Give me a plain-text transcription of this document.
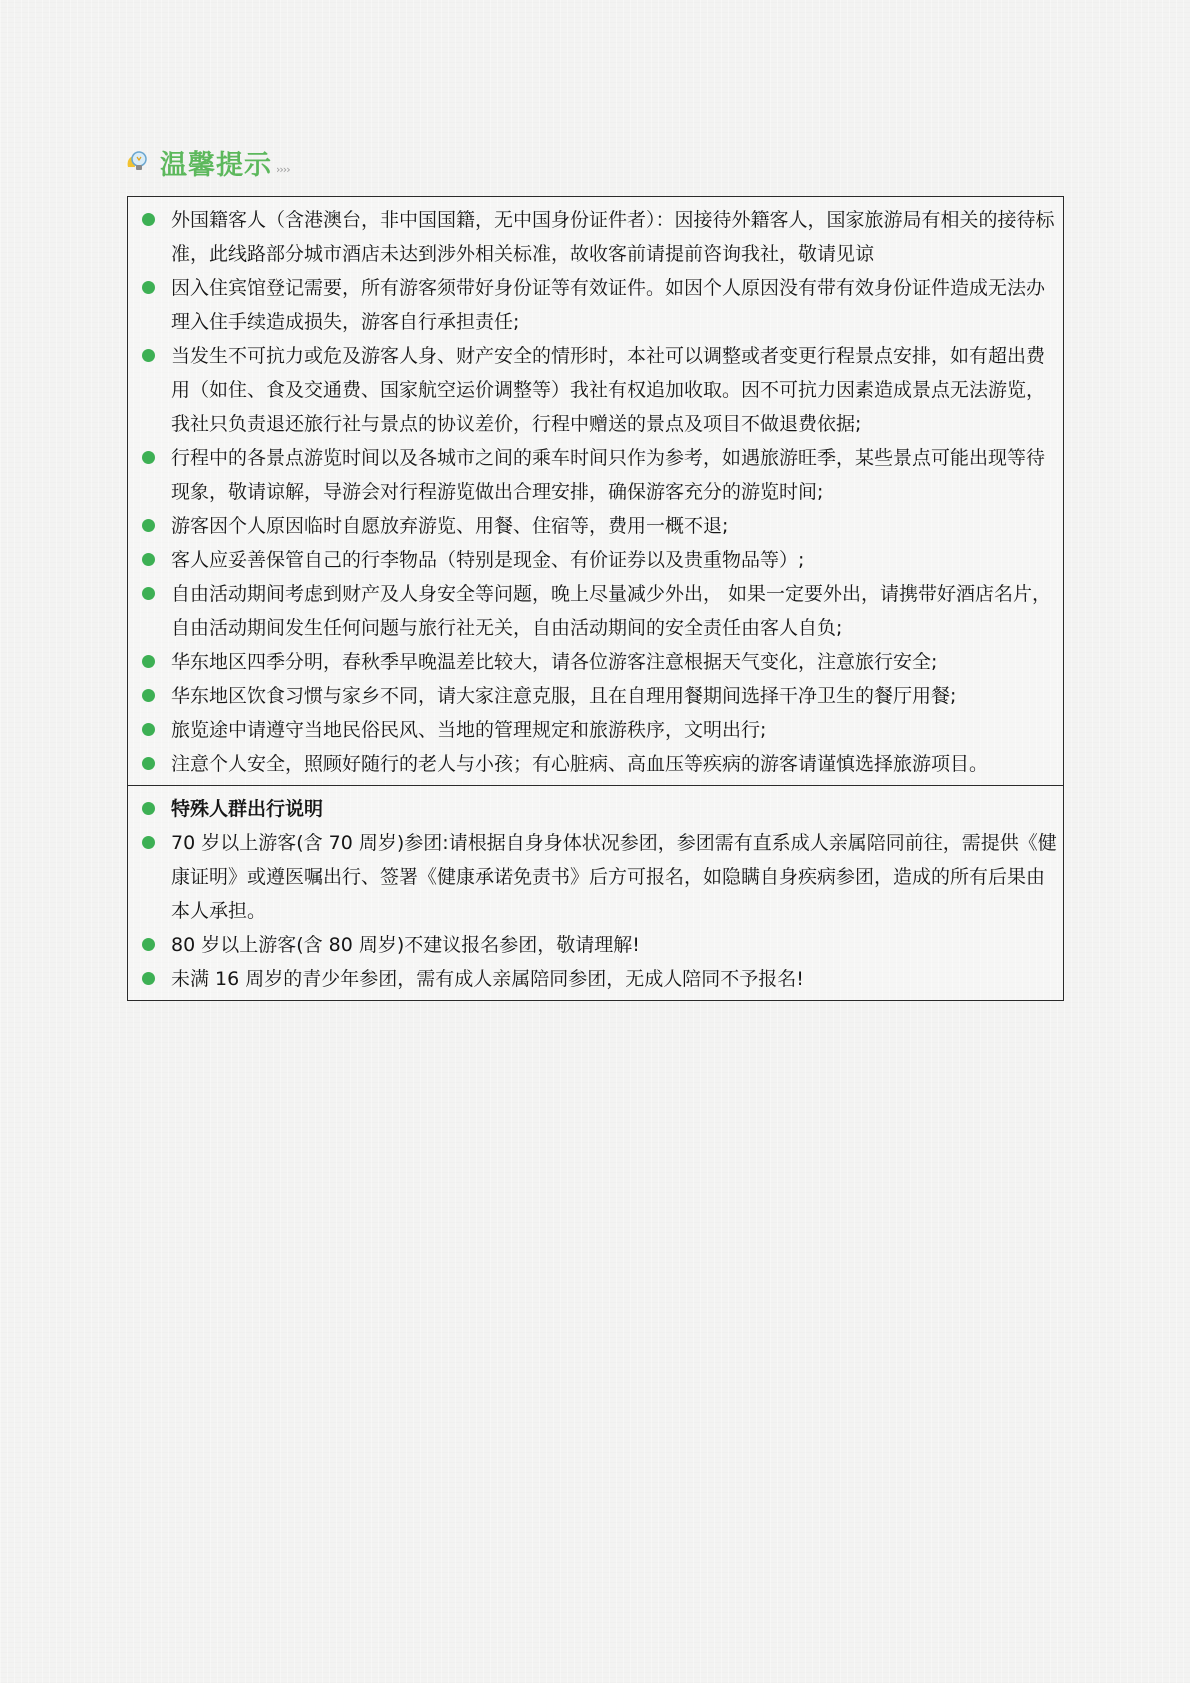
温馨提示 ››››
外国籍客人（含港澳台，非中国国籍，无中国身份证件者）：因接待外籍客人，国家旅游局有相关的接待标准，此线路部分城市酒店未达到涉外相关标准，故收客前请提前咨询我社，敬请见谅
因入住宾馆登记需要，所有游客须带好身份证等有效证件。如因个人原因没有带有效身份证件造成无法办理入住手续造成损失，游客自行承担责任;
当发生不可抗力或危及游客人身、财产安全的情形时，本社可以调整或者变更行程景点安排，如有超出费用（如住、食及交通费、国家航空运价调整等）我社有权追加收取。因不可抗力因素造成景点无法游览，我社只负责退还旅行社与景点的协议差价，行程中赠送的景点及项目不做退费依据;
行程中的各景点游览时间以及各城市之间的乘车时间只作为参考，如遇旅游旺季，某些景点可能出现等待现象，敬请谅解，导游会对行程游览做出合理安排，确保游客充分的游览时间;
游客因个人原因临时自愿放弃游览、用餐、住宿等，费用一概不退;
客人应妥善保管自己的行李物品（特别是现金、有价证券以及贵重物品等）;
自由活动期间考虑到财产及人身安全等问题，晚上尽量减少外出， 如果一定要外出，请携带好酒店名片，自由活动期间发生任何问题与旅行社无关，自由活动期间的安全责任由客人自负;
华东地区四季分明，春秋季早晚温差比较大，请各位游客注意根据天气变化，注意旅行安全;
华东地区饮食习惯与家乡不同，请大家注意克服，且在自理用餐期间选择干净卫生的餐厅用餐;
旅览途中请遵守当地民俗民风、当地的管理规定和旅游秩序，文明出行;
注意个人安全，照顾好随行的老人与小孩；有心脏病、高血压等疾病的游客请谨慎选择旅游项目。
特殊人群出行说明
70 岁以上游客(含 70 周岁)参团:请根据自身身体状况参团，参团需有直系成人亲属陪同前往，需提供《健康证明》或遵医嘱出行、签署《健康承诺免责书》后方可报名，如隐瞒自身疾病参团，造成的所有后果由本人承担。
80 岁以上游客(含 80 周岁)不建议报名参团，敬请理解!
未满 16 周岁的青少年参团，需有成人亲属陪同参团，无成人陪同不予报名!
